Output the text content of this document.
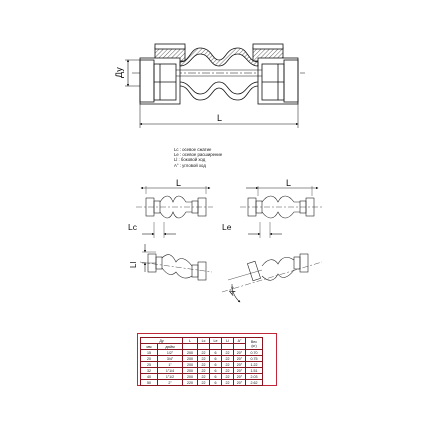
Ду
L
L	L
Lc	Le
Ll
A°
Lc : осевое сжатие
Le : осевое расширение
Ll : боковой ход
A° : угловой ход
Ду		L	Lc	Le	Ll	A°	Вес
(кг)
мм	дюйм						
15	1/2"	200	22	6	22	20°	0.70
20	3/4"	200	22	6	22	20°	0.75
25	1"	200	22	6	22	20°	1.22
32	1"1/4	200	22	6	22	20°	1.51
40	1"1/2	200	22	6	22	20°	2.03
50	2"	220	22	6	22	20°	2.62
